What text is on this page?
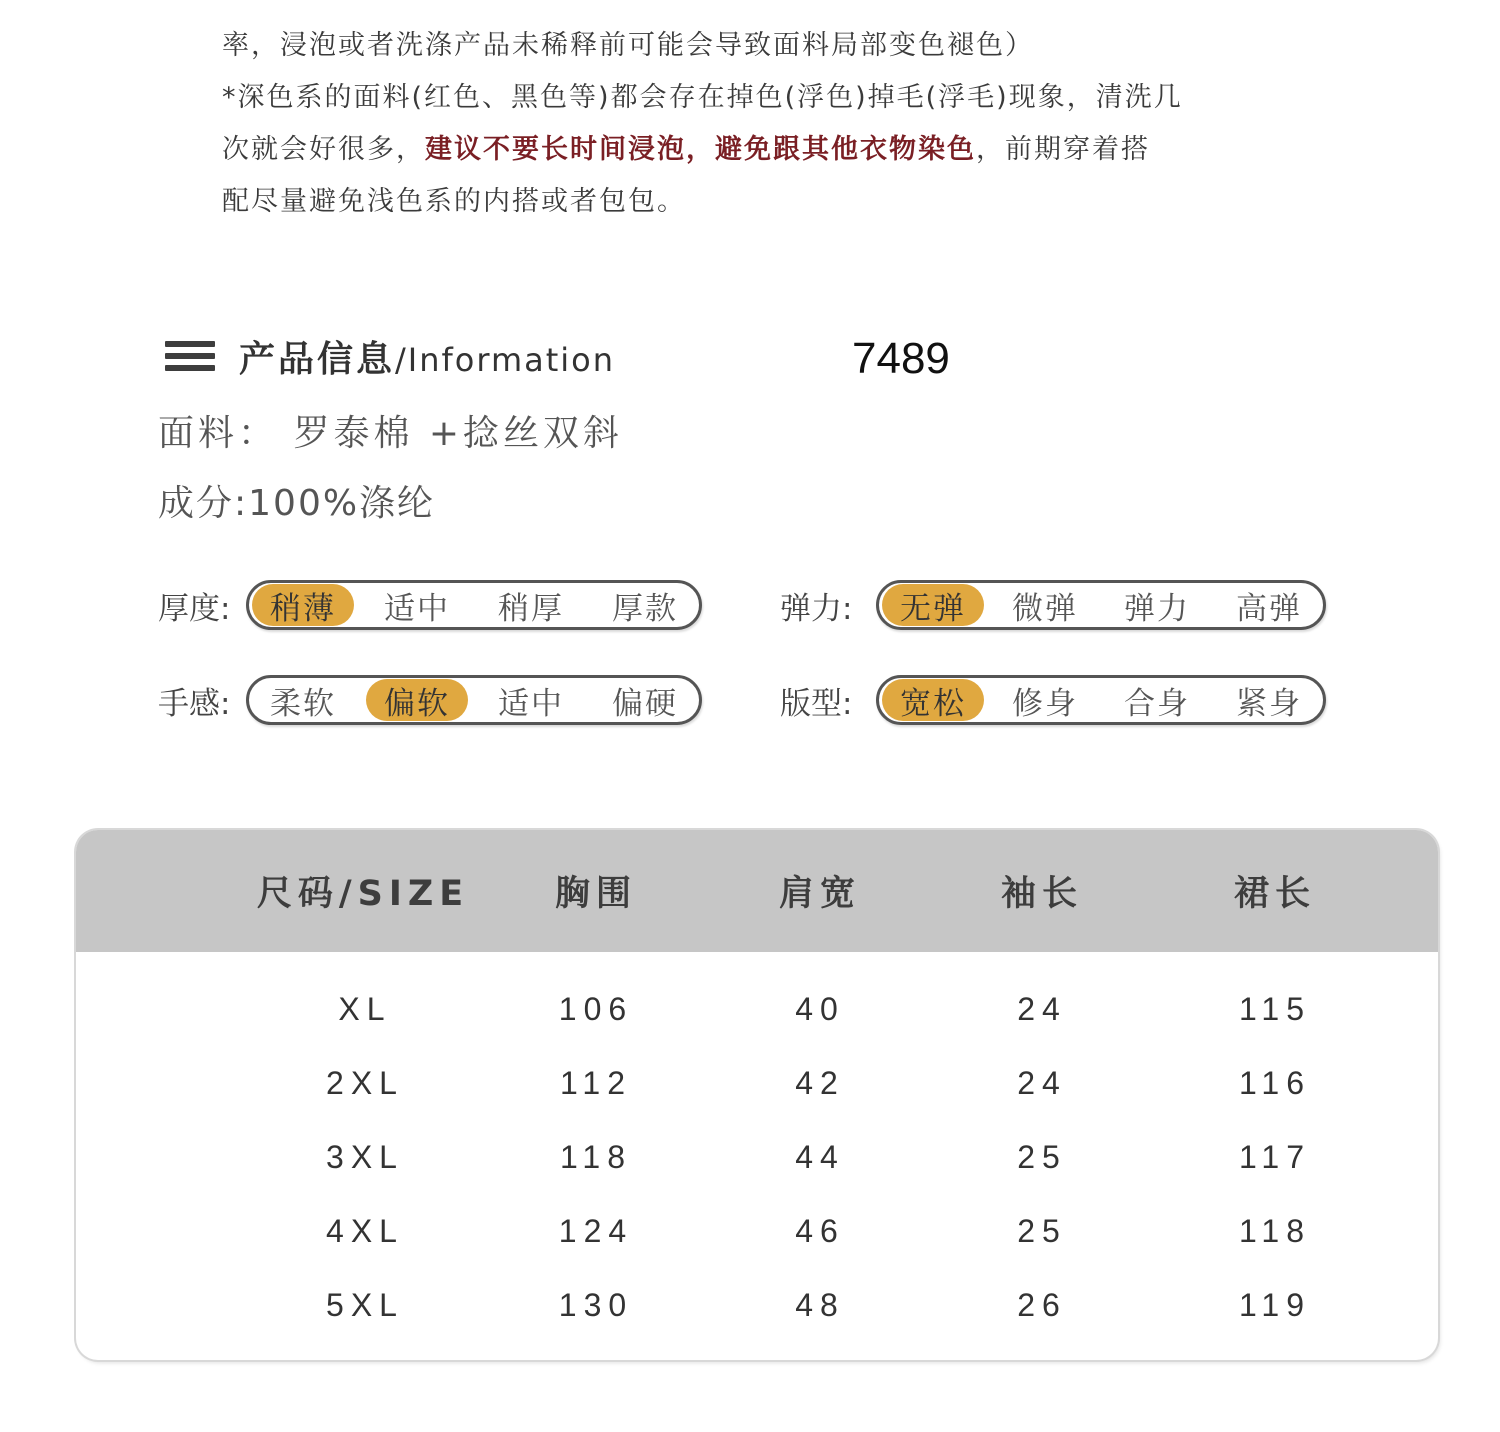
率，浸泡或者洗涤产品未稀释前可能会导致面料局部变色褪色）

*深色系的面料(红色、黑色等)都会存在掉色(浮色)掉毛(浮毛)现象，清洗几

次就会好很多，建议不要长时间浸泡，避免跟其他衣物染色，前期穿着搭

配尽量避免浅色系的内搭或者包包。

产品信息/Information	7489
面料： 罗泰棉 +捻丝双斜
成分:100%涤纶
厚度:	稍薄	适中	稍厚	厚款	弹力:	无弹	微弹	弹力	高弹
手感:	柔软	偏软	适中	偏硬	版型:	宽松	修身	合身	紧身
尺码/SIZE	胸围	肩宽	袖长	裙长
XL	106	40	24	115
2XL	112	42	24	116
3XL	118	44	25	117
4XL	124	46	25	118
5XL	130	48	26	119
